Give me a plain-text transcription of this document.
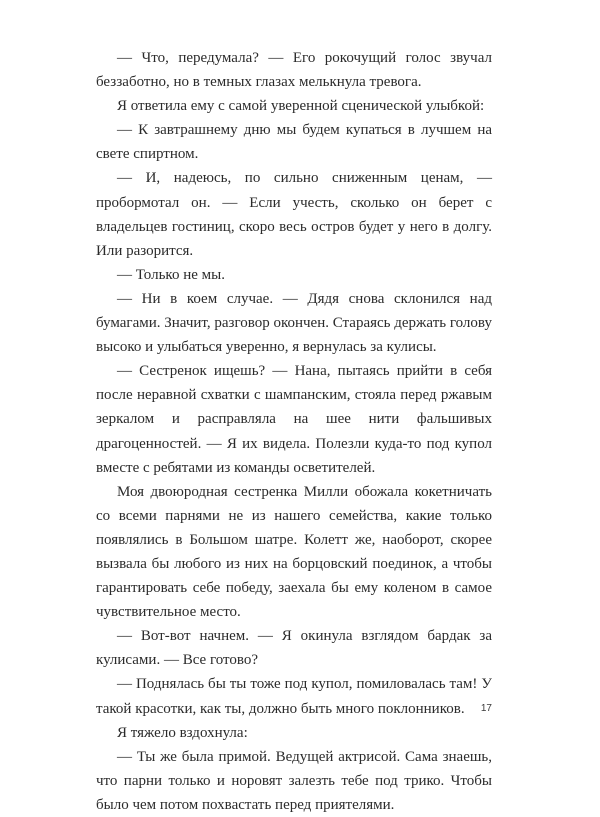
— Что, передумала? — Его рокочущий голос звучал беззаботно, но в темных глазах мелькнула тревога.

Я ответила ему с самой уверенной сценической улыбкой:

— К завтрашнему дню мы будем купаться в лучшем на свете спиртном.

— И, надеюсь, по сильно сниженным ценам, — пробормотал он. — Если учесть, сколько он берет с владельцев гостиниц, скоро весь остров будет у него в долгу. Или разорится.

— Только не мы.

— Ни в коем случае. — Дядя снова склонился над бумагами. Значит, разговор окончен. Стараясь держать голову высоко и улыбаться уверенно, я вернулась за кулисы.

— Сестренок ищешь? — Нана, пытаясь прийти в себя после неравной схватки с шампанским, стояла перед ржавым зеркалом и расправляла на шее нити фальшивых драгоценностей. — Я их видела. Полезли куда-то под купол вместе с ребятами из команды осветителей.

Моя двоюродная сестренка Милли обожала кокетничать со всеми парнями не из нашего семейства, какие только появлялись в Большом шатре. Колетт же, наоборот, скорее вызвала бы любого из них на борцовский поединок, а чтобы гарантировать себе победу, заехала бы ему коленом в самое чувствительное место.

— Вот-вот начнем. — Я окинула взглядом бардак за кулисами. — Все готово?

— Поднялась бы ты тоже под купол, помиловалась там! У такой красотки, как ты, должно быть много поклонников.

Я тяжело вздохнула:

— Ты же была примой. Ведущей актрисой. Сама знаешь, что парни только и норовят залезть тебе под трико. Чтобы было чем потом похвастать перед приятелями.

17
